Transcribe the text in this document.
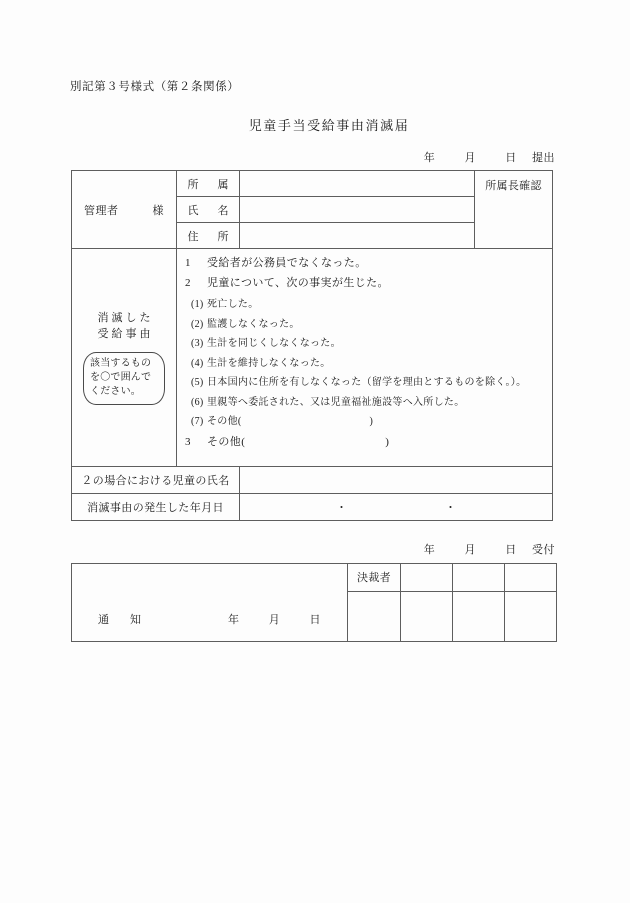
別記第３号様式（第２条関係）
児童手当受給事由消滅届
年	月	日 提出
管理者 様	所　属		所属長確認

	氏　名		
	住　所		

消滅した
受給事由
該当するものを〇で囲んでください。

1	受給者が公務員でなくなった。
2	児童について、次の事実が生じた。
(1) 死亡した。
(2) 監護しなくなった。
(3) 生計を同じくしなくなった。
(4) 生計を維持しなくなった。
(5) 日本国内に住所を有しなくなった（留学を理由とするものを除く。）。
(6) 里親等へ委託された、又は児童福祉施設等へ入所した。
(7) その他(	)
3	その他(	)

２の場合における児童の氏名			
消滅事由の発生した年月日		・ ・	
年	月	日 受付
通　知 年 月 日	決裁者			
